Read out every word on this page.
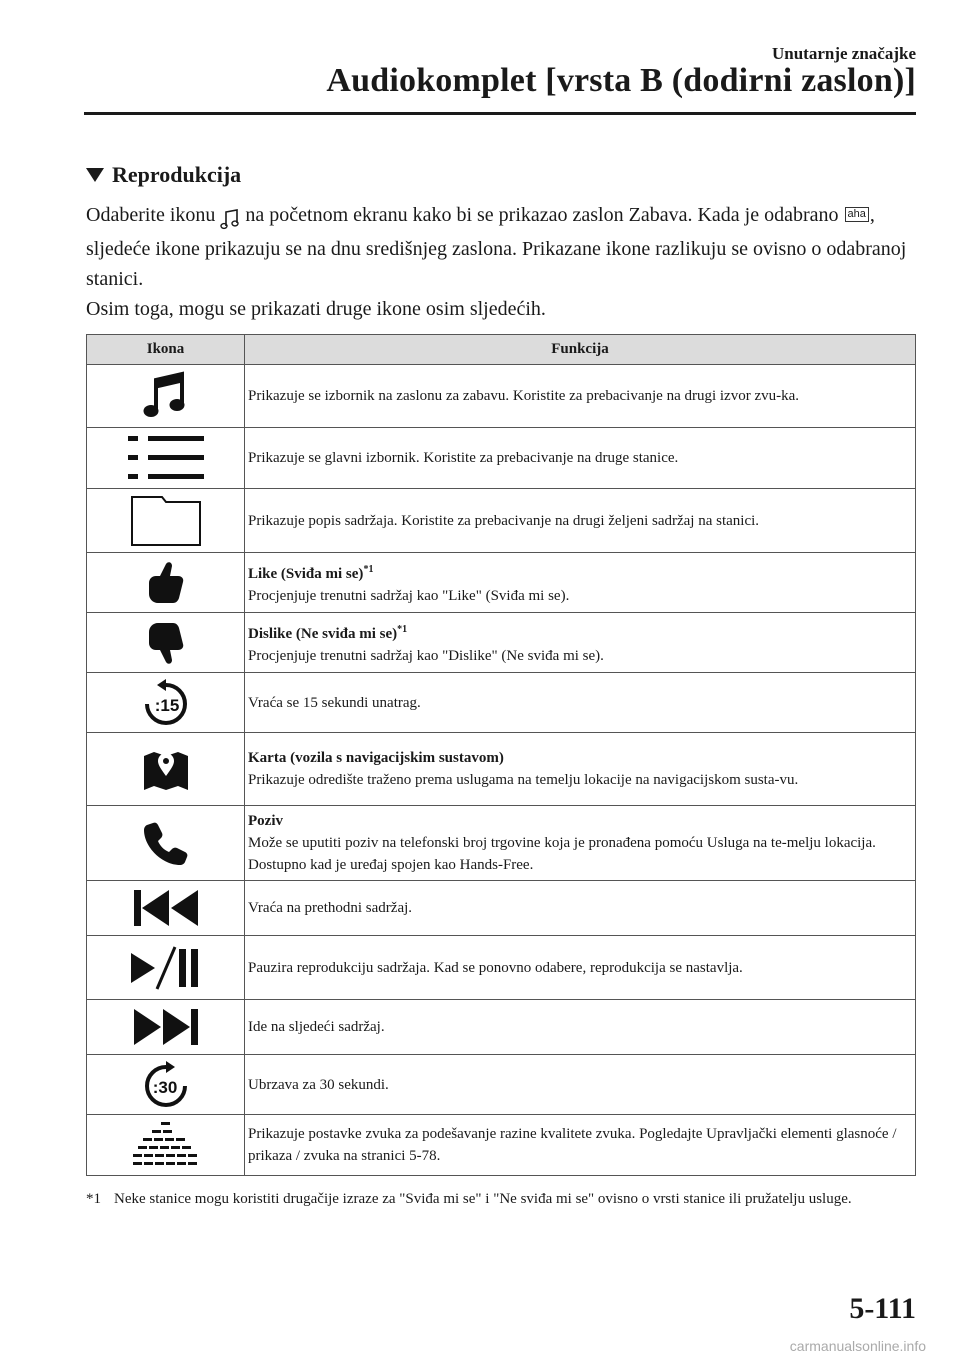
Unutarnje značajke
Audiokomplet [vrsta B (dodirni zaslon)]
Reprodukcija
Odaberite ikonu na početnom ekranu kako bi se prikazao zaslon Zabava. Kada je odabrano aha , sljedeće ikone prikazuju se na dnu središnjeg zaslona. Prikazane ikone razlikuju se ovisno o odabranoj stanici.
Osim toga, mogu se prikazati druge ikone osim sljedećih.
Ikona	Funkcija
	Prikazuje se izbornik na zaslonu za zabavu. Koristite za prebacivanje na drugi izvor zvu-ka.
	Prikazuje se glavni izbornik. Koristite za prebacivanje na druge stanice.
	Prikazuje popis sadržaja. Koristite za prebacivanje na drugi željeni sadržaj na stanici.
	Like (Sviđa mi se)$^{*1}$
Procjenjuje trenutni sadržaj kao "Like" (Sviđa mi se).
	Dislike (Ne sviđa mi se)$^{*1}$
Procjenjuje trenutni sadržaj kao "Dislike" (Ne sviđa mi se).

:15	Vraća se 15 sekundi unatrag.
	Karta (vozila s navigacijskim sustavom)
Prikazuje odredište traženo prema uslugama na temelju lokacije na navigacijskom susta-vu.
	Poziv
Može se uputiti poziv na telefonski broj trgovine koja je pronađena pomoću Usluga na te-melju lokacija. Dostupno kad je uređaj spojen kao Hands-Free.
	Vraća na prethodni sadržaj.
	Pauzira reprodukciju sadržaja. Kad se ponovno odabere, reprodukcija se nastavlja.
	Ide na sljedeći sadržaj.

:30	Ubrzava za 30 sekundi.
	Prikazuje postavke zvuka za podešavanje razine kvalitete zvuka. Pogledajte Upravljački elementi glasnoće / prikaza / zvuka na stranici 5-78.
*1 Neke stanice mogu koristiti drugačije izraze za "Sviđa mi se" i "Ne sviđa mi se" ovisno o vrsti stanice ili pružatelju usluge.
5-111
carmanualsonline.info
